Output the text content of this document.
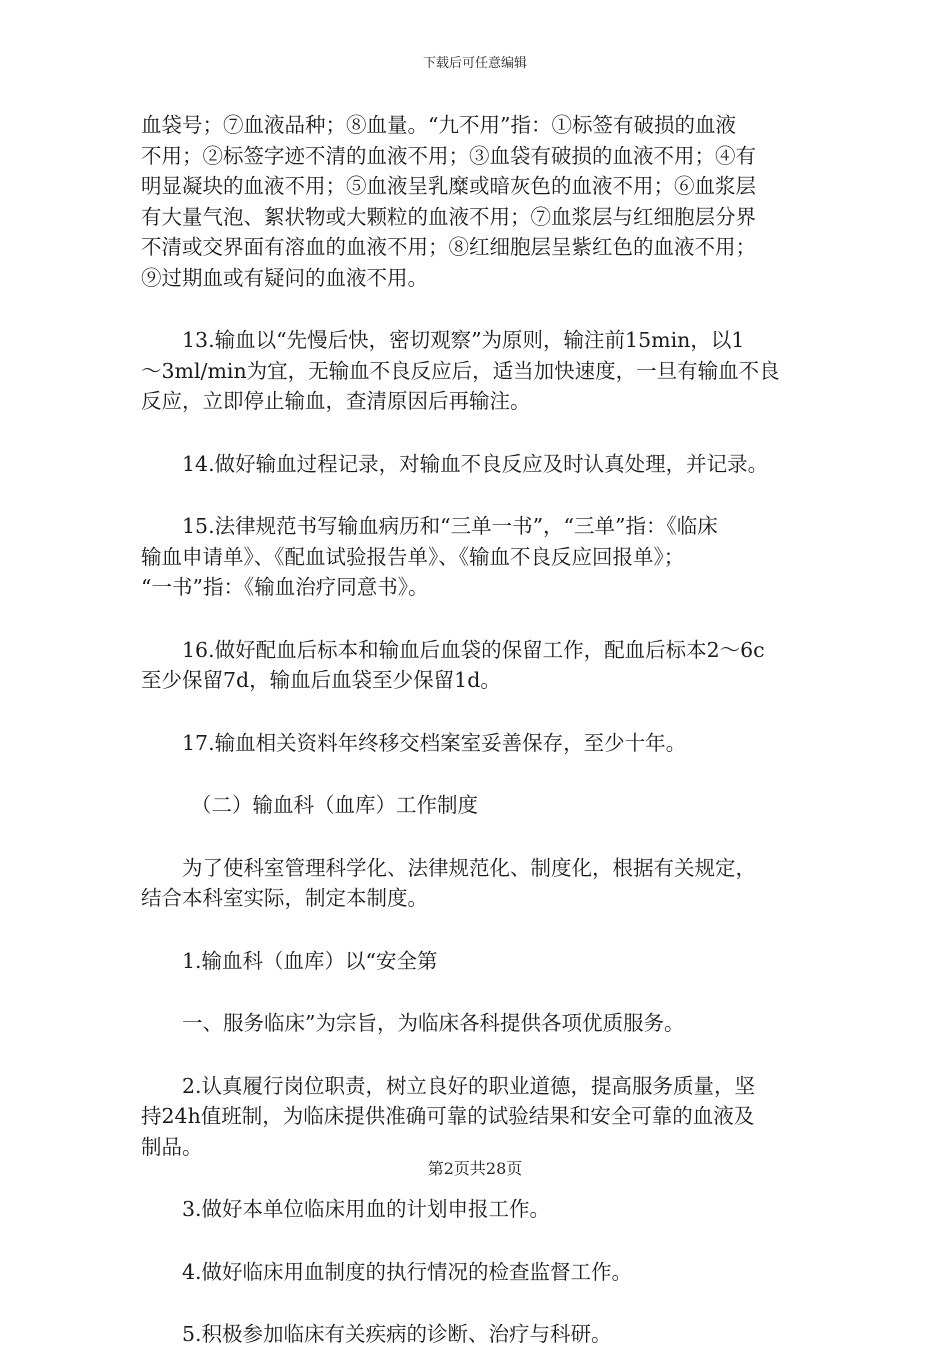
下载后可任意编辑
血袋号；⑦血液品种；⑧血量。“九不用”指：①标签有破损的血液
不用；②标签字迹不清的血液不用；③血袋有破损的血液不用；④有
明显凝块的血液不用；⑤血液呈乳糜或暗灰色的血液不用；⑥血浆层
有大量气泡、絮状物或大颗粒的血液不用；⑦血浆层与红细胞层分界
不清或交界面有溶血的血液不用；⑧红细胞层呈紫红色的血液不用；
⑨过期血或有疑问的血液不用。
13.输血以“先慢后快，密切观察”为原则，输注前15min，以1
～3ml/min为宜，无输血不良反应后，适当加快速度，一旦有输血不良
反应，立即停止输血，查清原因后再输注。
14.做好输血过程记录，对输血不良反应及时认真处理，并记录。
15.法律规范书写输血病历和“三单一书”，“三单”指：《临床
输血申请单》、《配血试验报告单》、《输血不良反应回报单》；
“一书”指：《输血治疗同意书》。
16.做好配血后标本和输血后血袋的保留工作，配血后标本2～6c
至少保留7d，输血后血袋至少保留1d。
17.输血相关资料年终移交档案室妥善保存，至少十年。
（二）输血科（血库）工作制度
为了使科室管理科学化、法律规范化、制度化，根据有关规定，
结合本科室实际，制定本制度。
1.输血科（血库）以“安全第
一、服务临床”为宗旨，为临床各科提供各项优质服务。
2.认真履行岗位职责，树立良好的职业道德，提高服务质量，坚
持24h值班制，为临床提供准确可靠的试验结果和安全可靠的血液及
制品。
3.做好本单位临床用血的计划申报工作。
4.做好临床用血制度的执行情况的检查监督工作。
5.积极参加临床有关疾病的诊断、治疗与科研。
第2页共28页
